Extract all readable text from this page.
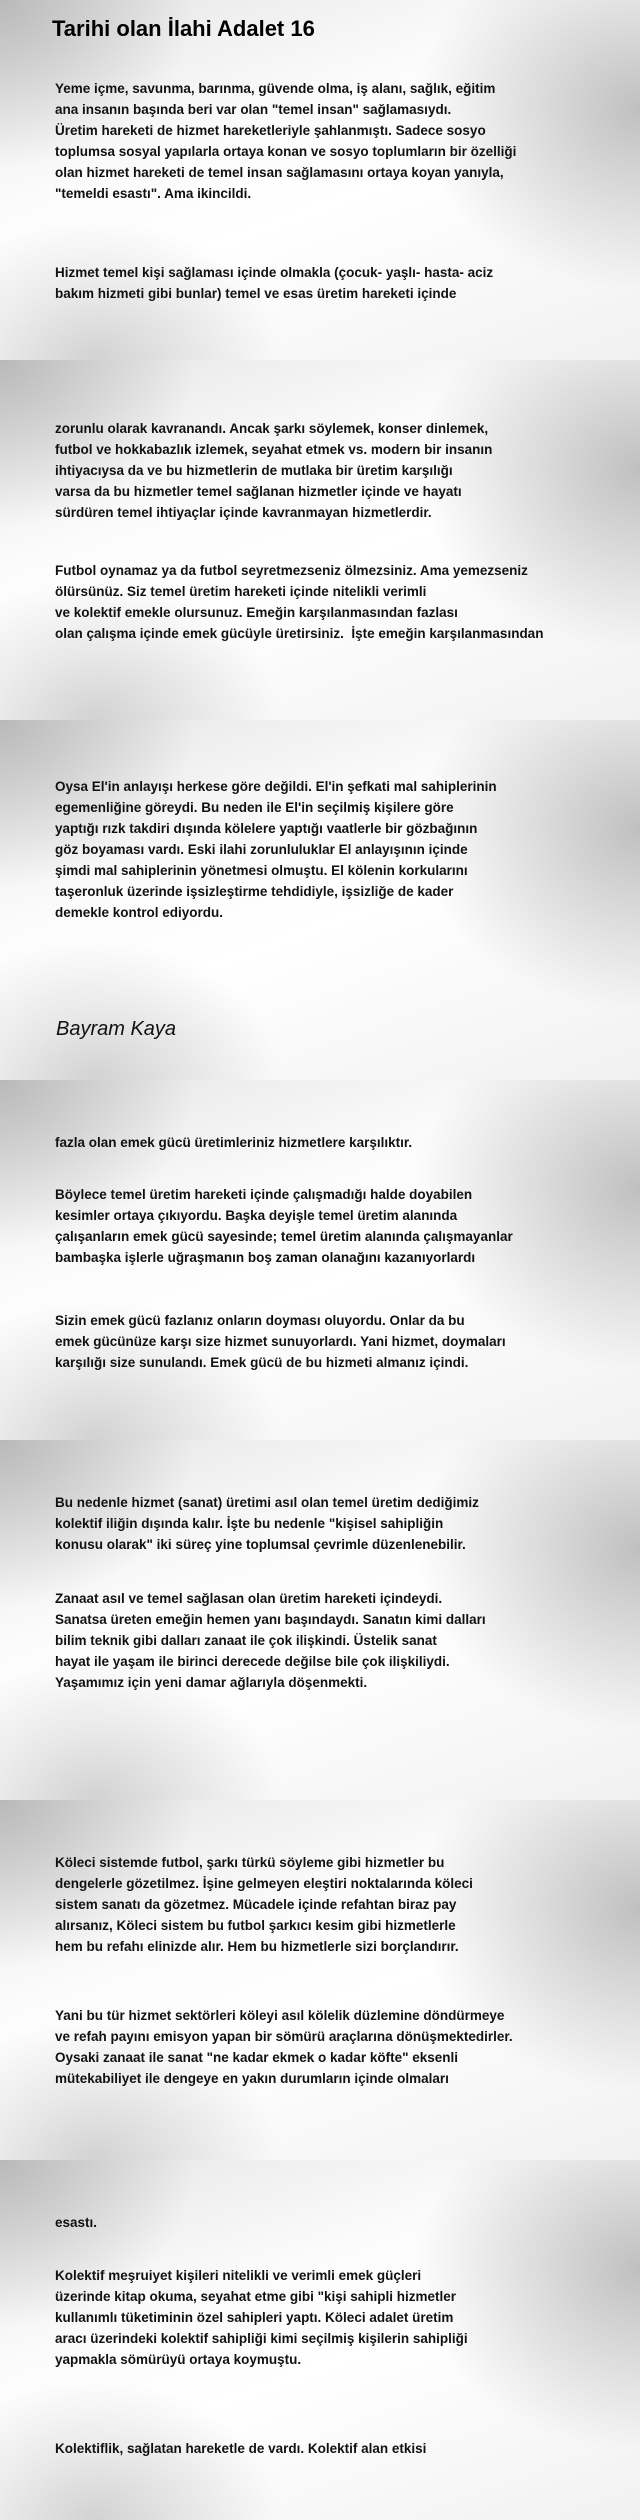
Tarihi olan İlahi Adalet 16
Yeme içme, savunma, barınma, güvende olma, iş alanı, sağlık, eğitim
ana insanın başında beri var olan "temel insan" sağlamasıydı.
Üretim hareketi de hizmet hareketleriyle şahlanmıştı. Sadece sosyo
toplumsa sosyal yapılarla ortaya konan ve sosyo toplumların bir özelliği
olan hizmet hareketi de temel insan sağlamasını ortaya koyan yanıyla,
"temeldi esastı". Ama ikincildi.
Hizmet temel kişi sağlaması içinde olmakla (çocuk- yaşlı- hasta- aciz
bakım hizmeti gibi bunlar) temel ve esas üretim hareketi içinde
zorunlu olarak kavranandı. Ancak şarkı söylemek, konser dinlemek,
futbol ve hokkabazlık izlemek, seyahat etmek vs. modern bir insanın
ihtiyacıysa da ve bu hizmetlerin de mutlaka bir üretim karşılığı
varsa da bu hizmetler temel sağlanan hizmetler içinde ve hayatı
sürdüren temel ihtiyaçlar içinde kavranmayan hizmetlerdir.
Futbol oynamaz ya da futbol seyretmezseniz ölmezsiniz. Ama yemezseniz
ölürsünüz. Siz temel üretim hareketi içinde nitelikli verimli
ve kolektif emekle olursunuz. Emeğin karşılanmasından fazlası
olan çalışma içinde emek gücüyle üretirsiniz.  İşte emeğin karşılanmasından
Oysa El'in anlayışı herkese göre değildi. El'in şefkati mal sahiplerinin
egemenliğine göreydi. Bu neden ile El'in seçilmiş kişilere göre
yaptığı rızk takdiri dışında kölelere yaptığı vaatlerle bir gözbağının
göz boyaması vardı. Eski ilahi zorunluluklar El anlayışının içinde
şimdi mal sahiplerinin yönetmesi olmuştu. El kölenin korkularını
taşeronluk üzerinde işsizleştirme tehdidiyle, işsizliğe de kader
demekle kontrol ediyordu.
Bayram Kaya
fazla olan emek gücü üretimleriniz hizmetlere karşılıktır.
Böylece temel üretim hareketi içinde çalışmadığı halde doyabilen
kesimler ortaya çıkıyordu. Başka deyişle temel üretim alanında
çalışanların emek gücü sayesinde; temel üretim alanında çalışmayanlar
bambaşka işlerle uğraşmanın boş zaman olanağını kazanıyorlardı
Sizin emek gücü fazlanız onların doyması oluyordu. Onlar da bu
emek gücünüze karşı size hizmet sunuyorlardı. Yani hizmet, doymaları
karşılığı size sunulandı. Emek gücü de bu hizmeti almanız içindi.
Bu nedenle hizmet (sanat) üretimi asıl olan temel üretim dediğimiz
kolektif iliğin dışında kalır. İşte bu nedenle "kişisel sahipliğin
konusu olarak" iki süreç yine toplumsal çevrimle düzenlenebilir.
Zanaat asıl ve temel sağlasan olan üretim hareketi içindeydi.
Sanatsa üreten emeğin hemen yanı başındaydı. Sanatın kimi dalları
bilim teknik gibi dalları zanaat ile çok ilişkindi. Üstelik sanat
hayat ile yaşam ile birinci derecede değilse bile çok ilişkiliydi.
Yaşamımız için yeni damar ağlarıyla döşenmekti.
Köleci sistemde futbol, şarkı türkü söyleme gibi hizmetler bu
dengelerle gözetilmez. İşine gelmeyen eleştiri noktalarında köleci
sistem sanatı da gözetmez. Mücadele içinde refahtan biraz pay
alırsanız, Köleci sistem bu futbol şarkıcı kesim gibi hizmetlerle
hem bu refahı elinizde alır. Hem bu hizmetlerle sizi borçlandırır.
Yani bu tür hizmet sektörleri köleyi asıl kölelik düzlemine döndürmeye
ve refah payını emisyon yapan bir sömürü araçlarına dönüşmektedirler.
Oysaki zanaat ile sanat "ne kadar ekmek o kadar köfte" eksenli
mütekabiliyet ile dengeye en yakın durumların içinde olmaları
esastı.
Kolektif meşruiyet kişileri nitelikli ve verimli emek güçleri
üzerinde kitap okuma, seyahat etme gibi "kişi sahipli hizmetler
kullanımlı tüketiminin özel sahipleri yaptı. Köleci adalet üretim
aracı üzerindeki kolektif sahipliği kimi seçilmiş kişilerin sahipliği
yapmakla sömürüyü ortaya koymuştu.
Kolektiflik, sağlatan hareketle de vardı. Kolektif alan etkisi
